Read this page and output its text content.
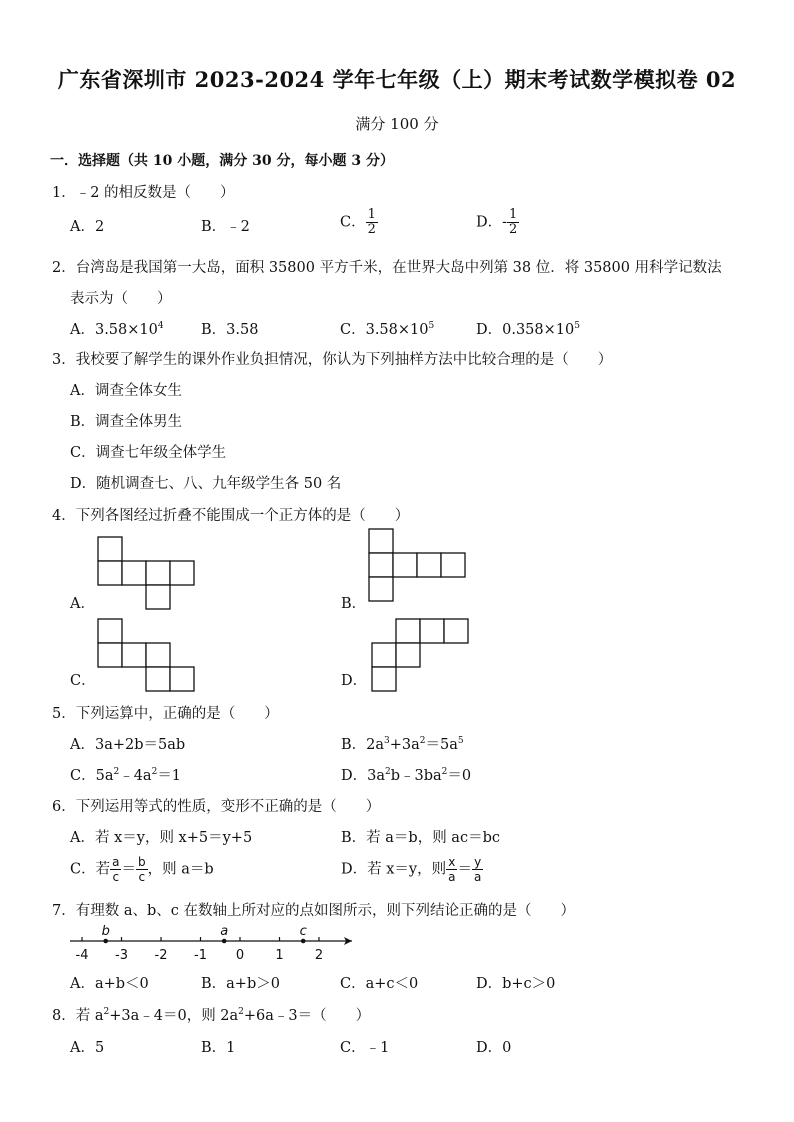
广东省深圳市 2023-2024 学年七年级（上）期末考试数学模拟卷 02
满分 100 分
一．选择题（共 10 小题，满分 30 分，每小题 3 分）
1．﹣2 的相反数是（　　）
A．2	B．﹣2	C． $\frac{1}{2}$	D．- $\frac{1}{2}$
2．台湾岛是我国第一大岛，面积 35800 平方千米，在世界大岛中列第 38 位．将 35800 用科学记数法
表示为（　　）
A．$3.58\times 10^4$	B．3.58	C．$3.58\times 10^5$	D．$0.358\times 10^5$
3．我校要了解学生的课外作业负担情况，你认为下列抽样方法中比较合理的是（　　）
A．调查全体女生
B．调查全体男生
C．调查七年级全体学生
D．随机调查七、八、九年级学生各 50 名
4．下列各图经过折叠不能围成一个正方体的是（　　）
A．	B．
C．	D．
5．下列运算中，正确的是（　　）
A．3a+2b＝5ab	B．$2a^3+3a^2=5a^5$
C．$5a^2﹣4a^2=1$	D．$3a^2b﹣3ba^2=0$
6．下列运用等式的性质，变形不正确的是（　　）
A．若 x＝y，则 x+5＝y+5	B．若 a＝b，则 ac＝bc
C．若 $\frac{a}{c} = \frac{b}{c}$ ，则 a＝b	D．若 x＝y，则 $\frac{x}{a} = \frac{y}{a}$
7．有理数 a、b、c 在数轴上所对应的点如图所示，则下列结论正确的是（　　）
-4 -3 -2 -1 0 1 2
b	a	c
A．a+b＜0	B．a+b＞0	C．a+c＜0	D．b+c＞0
8．若 $a^2+3a﹣4=0$，则 $2a^2+6a﹣3=$（　　）
A．5	B．1	C．﹣1	D．0
